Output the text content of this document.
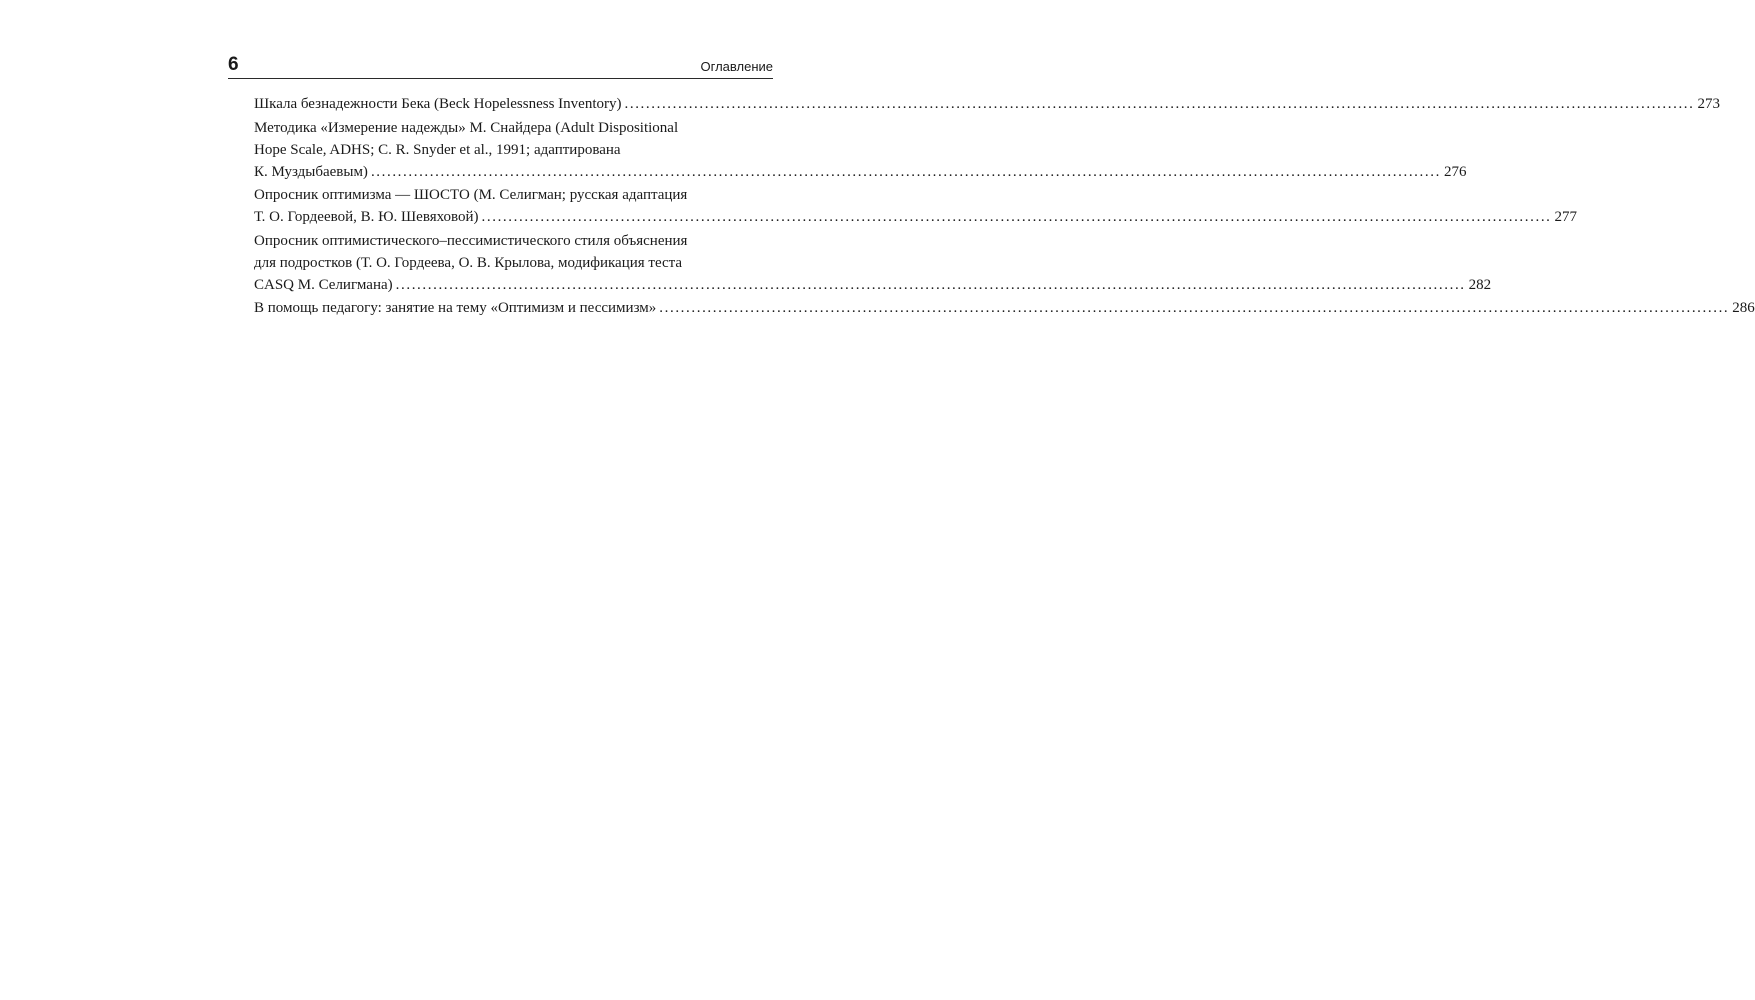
6	Оглавление
Шкала безнадежности Бека (Beck Hopelessness Inventory) ........................................................................................................................................................................................................ 273
Методика «Измерение надежды» М. Снайдера (Adult Dispositional
Hope Scale, ADHS; C. R. Snyder et al., 1991; адаптирована
К. Муздыбаевым) ........................................................................................................................................................................................................ 276
Опросник оптимизма — ШОСТО (М. Селигман; русская адаптация
Т. О. Гордеевой, В. Ю. Шевяховой) ........................................................................................................................................................................................................ 277
Опросник оптимистического–пессимистического стиля объяснения
для подростков (Т. О. Гордеева, О. В. Крылова, модификация теста
CASQ М. Селигмана) ........................................................................................................................................................................................................ 282
В помощь педагогу: занятие на тему «Оптимизм и пессимизм» ........................................................................................................................................................................................................ 286
